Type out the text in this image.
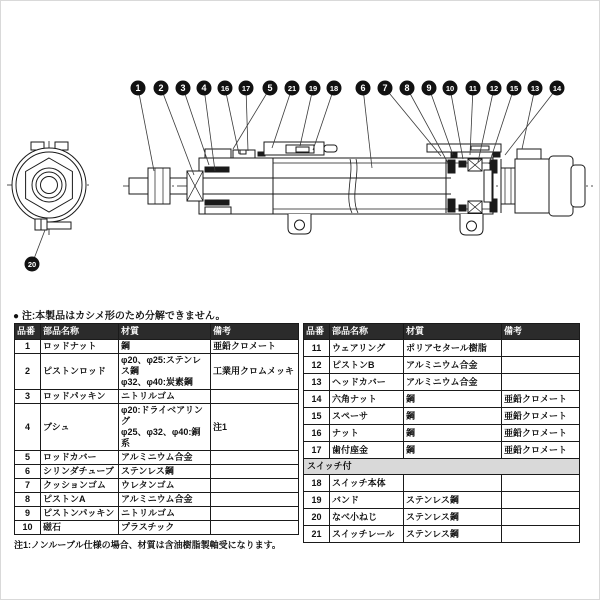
1 2 3 4 16 17 5 21 19 18 6 7 8 9 10 11 12 15 13 14
20
● 注:本製品はカシメ形のため分解できません。
品番	部品名称	材質	備考
1	ロッドナット	鋼	亜鉛クロメート
2	ピストンロッド	φ20、φ25:ステンレス鋼
φ32、φ40:炭素鋼	工業用クロムメッキ
3	ロッドパッキン	ニトリルゴム	
4	ブシュ	φ20:ドライベアリング
φ25、φ32、φ40:銅系	注1
5	ロッドカバー	アルミニウム合金	
6	シリンダチューブ	ステンレス鋼	
7	クッションゴム	ウレタンゴム	
8	ピストンA	アルミニウム合金	
9	ピストンパッキン	ニトリルゴム	
10	磁石	プラスチック	
注1:ノンルーブル仕様の場合、材質は含油樹脂製軸受になります。
品番	部品名称	材質	備考
11	ウェアリング	ポリアセタール樹脂	
12	ピストンB	アルミニウム合金	
13	ヘッドカバー	アルミニウム合金	
14	六角ナット	鋼	亜鉛クロメート
15	スペーサ	鋼	亜鉛クロメート
16	ナット	鋼	亜鉛クロメート
17	歯付座金	鋼	亜鉛クロメート
スイッチ付			
18	スイッチ本体		
19	バンド	ステンレス鋼	
20	なべ小ねじ	ステンレス鋼	
21	スイッチレール	ステンレス鋼	
